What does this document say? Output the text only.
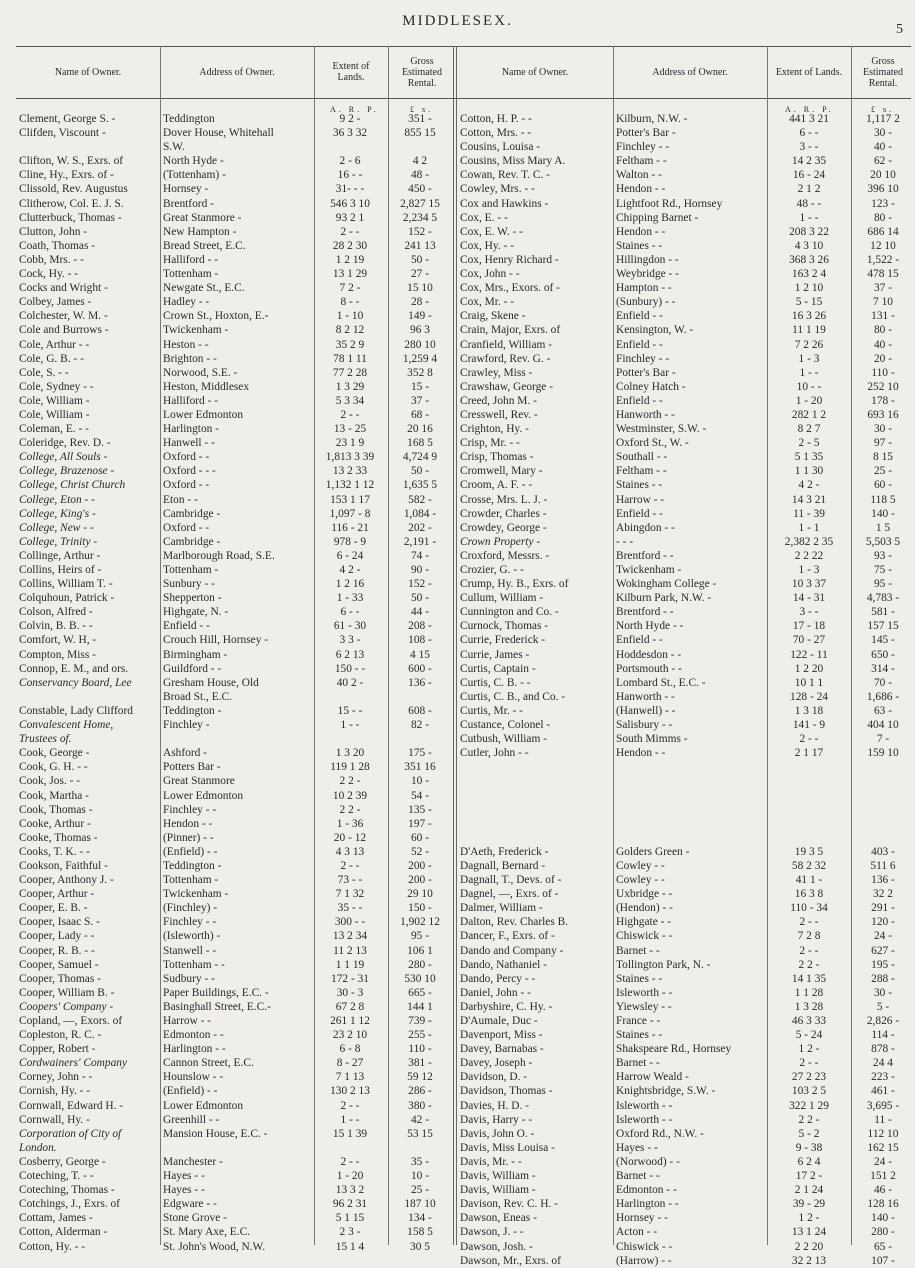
MIDDLESEX.
5
Name of Owner.	Address of Owner.	Extent of Lands.
Gross Estimated Rental.
A. R. P.	£ s.
Clement, George S. -	Teddington	9 2 -	351 -
Clifden, Viscount -	Dover House, Whitehall	36 3 32	855 15
S.W.
Clifton, W. S., Exrs. of	North Hyde -	2 - 6	4 2
Cline, Hy., Exrs. of -	(Tottenham) -	16 - -	48 -
Clissold, Rev. Augustus	Hornsey -	31- - -	450 -
Clitherow, Col. E. J. S.	Brentford -	546 3 10	2,827 15
Clutterbuck, Thomas -	Great Stanmore -	93 2 1	2,234 5
Clutton, John -	New Hampton -	2 - -	152 -
Coath, Thomas -	Bread Street, E.C.	28 2 30	241 13
Cobb, Mrs. - -	Halliford - -	1 2 19	50 -
Cock, Hy. - -	Tottenham -	13 1 29	27 -
Cocks and Wright -	Newgate St., E.C.	7 2 -	15 10
Colbey, James -	Hadley - -	8 - -	28 -
Colchester, W. M. -	Crown St., Hoxton, E.-	1 - 10	149 -
Cole and Burrows -	Twickenham -	8 2 12	96 3
Cole, Arthur - -	Heston - -	35 2 9	280 10
Cole, G. B. - -	Brighton - -	78 1 11	1,259 4
Cole, S. - -	Norwood, S.E. -	77 2 28	352 8
Cole, Sydney - -	Heston, Middlesex	1 3 29	15 -
Cole, William -	Halliford - -	5 3 34	37 -
Cole, William -	Lower Edmonton	2 - -	68 -
Coleman, E. - -	Harlington -	13 - 25	20 16
Coleridge, Rev. D. -	Hanwell - -	23 1 9	168 5
College, All Souls -	Oxford - -	1,813 3 39	4,724 9
College, Brazenose -	Oxford - - -	13 2 33	50 -
College, Christ Church	Oxford - -	1,132 1 12	1,635 5
College, Eton - -	Eton - -	153 1 17	582 -
College, King's -	Cambridge -	1,097 - 8	1,084 -
College, New - -	Oxford - -	116 - 21	202 -
College, Trinity -	Cambridge -	978 - 9	2,191 -
Collinge, Arthur -	Marlborough Road, S.E.	6 - 24	74 -
Collins, Heirs of -	Tottenham -	4 2 -	90 -
Collins, William T. -	Sunbury - -	1 2 16	152 -
Colquhoun, Patrick -	Shepperton -	1 - 33	50 -
Colson, Alfred -	Highgate, N. -	6 - -	44 -
Colvin, B. B. - -	Enfield - -	61 - 30	208 -
Comfort, W. H, -	Crouch Hill, Hornsey -	3 3 -	108 -
Compton, Miss -	Birmingham -	6 2 13	4 15
Connop, E. M., and ors.	Guildford - -	150 - -	600 -
Conservancy Board, Lee	Gresham House, Old	40 2 -	136 -
Broad St., E.C.
Constable, Lady Clifford	Teddington -	15 - -	608 -
Convalescent Home,	Finchley -	1 - -	82 -
Trustees of.
Cook, George -	Ashford -	1 3 20	175 -
Cook, G. H. - -	Potters Bar -	119 1 28	351 16
Cook, Jos. - -	Great Stanmore	2 2 -	10 -
Cook, Martha -	Lower Edmonton	10 2 39	54 -
Cook, Thomas -	Finchley - -	2 2 -	135 -
Cooke, Arthur -	Hendon - -	1 - 36	197 -
Cooke, Thomas -	(Pinner) - -	20 - 12	60 -
Cooks, T. K. - -	(Enfield) - -	4 3 13	52 -
Cookson, Faithful -	Teddington -	2 - -	200 -
Cooper, Anthony J. -	Tottenham -	73 - -	200 -
Cooper, Arthur -	Twickenham -	7 1 32	29 10
Cooper, E. B. -	(Finchley) -	35 - -	150 -
Cooper, Isaac S. -	Finchley - -	300 - -	1,902 12
Cooper, Lady - -	(Isleworth) -	13 2 34	95 -
Cooper, R. B. - -	Stanwell - -	11 2 13	106 1
Cooper, Samuel -	Tottenham - -	1 1 19	280 -
Cooper, Thomas -	Sudbury - -	172 - 31	530 10
Cooper, William B. -	Paper Buildings, E.C. -	30 - 3	665 -
Coopers' Company -	Basinghall Street, E.C.-	67 2 8	144 1
Copland, —, Exors. of	Harrow - -	261 1 12	739 -
Copleston, R. C. -	Edmonton - -	23 2 10	255 -
Copper, Robert -	Harlington - -	6 - 8	110 -
Cordwainers' Company	Cannon Street, E.C.	8 - 27	381 -
Corney, John - -	Hounslow - -	7 1 13	59 12
Cornish, Hy. - -	(Enfield) - -	130 2 13	286 -
Cornwall, Edward H. -	Lower Edmonton	2 - -	380 -
Cornwall, Hy. -	Greenhill - -	1 - -	42 -
Corporation of City of	Mansion House, E.C. -	15 1 39	53 15
London.
Cosberry, George -	Manchester -	2 - -	35 -
Coteching, T. - -	Hayes - -	1 - 20	10 -
Coteching, Thomas -	Hayes - -	13 3 2	25 -
Cotchings, J., Exrs. of	Edgware - -	96 2 31	187 10
Cottam, James -	Stone Grove -	5 1 15	134 -
Cotton, Alderman -	St. Mary Axe, E.C.	2 3 -	158 5
Cotton, Hy. - -	St. John's Wood, N.W.	15 1 4	30 5
Name of Owner.	Address of Owner.	Extent of Lands.
Gross Estimated Rental.
A. R. P.	£ s.
Cotton, H. P. - -	Kilburn, N.W. -	441 3 21	1,117 2
Cotton, Mrs. - -	Potter's Bar -	6 - -	30 -
Cousins, Louisa -	Finchley - -	3 - -	40 -
Cousins, Miss Mary A.	Feltham - -	14 2 35	62 -
Cowan, Rev. T. C. -	Walton - -	16 - 24	20 10
Cowley, Mrs. - -	Hendon - -	2 1 2	396 10
Cox and Hawkins -	Lightfoot Rd., Hornsey	48 - -	123 -
Cox, E. - -	Chipping Barnet -	1 - -	80 -
Cox, E. W. - -	Hendon - -	208 3 22	686 14
Cox, Hy. - -	Staines - -	4 3 10	12 10
Cox, Henry Richard -	Hillingdon - -	368 3 26	1,522 -
Cox, John - -	Weybridge - -	163 2 4	478 15
Cox, Mrs., Exors. of -	Hampton - -	1 2 10	37 -
Cox, Mr. - -	(Sunbury) - -	5 - 15	7 10
Craig, Skene -	Enfield - -	16 3 26	131 -
Crain, Major, Exrs. of	Kensington, W. -	11 1 19	80 -
Cranfield, William -	Enfield - -	7 2 26	40 -
Crawford, Rev. G. -	Finchley - -	1 - 3	20 -
Crawley, Miss -	Potter's Bar -	1 - -	110 -
Crawshaw, George -	Colney Hatch -	10 - -	252 10
Creed, John M. -	Enfield - -	1 - 20	178 -
Cresswell, Rev. -	Hanworth - -	282 1 2	693 16
Crighton, Hy. -	Westminster, S.W. -	8 2 7	30 -
Crisp, Mr. - -	Oxford St., W. -	2 - 5	97 -
Crisp, Thomas -	Southall - -	5 1 35	8 15
Cromwell, Mary -	Feltham - -	1 1 30	25 -
Croom, A. F. - -	Staines - -	4 2 -	60 -
Crosse, Mrs. L. J. -	Harrow - -	14 3 21	118 5
Crowder, Charles -	Enfield - -	11 - 39	140 -
Crowdey, George -	Abingdon - -	1 - 1	1 5
Crown Property -	- - -	2,382 2 35	5,503 5
Croxford, Messrs. -	Brentford - -	2 2 22	93 -
Crozier, G. - -	Twickenham -	1 - 3	75 -
Crump, Hy. B., Exrs. of	Wokingham College -	10 3 37	95 -
Cullum, William -	Kilburn Park, N.W. -	14 - 31	4,783 -
Cunnington and Co. -	Brentford - -	3 - -	581 -
Curnock, Thomas -	North Hyde - -	17 - 18	157 15
Currie, Frederick -	Enfield - -	70 - 27	145 -
Currie, James -	Hoddesdon - -	122 - 11	650 -
Curtis, Captain -	Portsmouth - -	1 2 20	314 -
Curtis, C. B. - -	Lombard St., E.C. -	10 1 1	70 -
Curtis, C. B., and Co. -	Hanworth - -	128 - 24	1,686 -
Curtis, Mr. - -	(Hanwell) - -	1 3 18	63 -
Custance, Colonel -	Salisbury - -	141 - 9	404 10
Cutbush, William -	South Mimms -	2 - -	7 -
Cutler, John - -	Hendon - -	2 1 17	159 10
D'Aeth, Frederick -	Golders Green -	19 3 5	403 -
Dagnall, Bernard -	Cowley - -	58 2 32	511 6
Dagnall, T., Devs. of -	Cowley - -	41 1 -	136 -
Dagnel, —, Exrs. of -	Uxbridge - -	16 3 8	32 2
Dalmer, William -	(Hendon) - -	110 - 34	291 -
Dalton, Rev. Charles B.	Highgate - -	2 - -	120 -
Dancer, F., Exrs. of -	Chiswick - -	7 2 8	24 -
Dando and Company -	Barnet - -	2 - -	627 -
Dando, Nathaniel -	Tollington Park, N. -	2 2 -	195 -
Dando, Percy - -	Staines - -	14 1 35	288 -
Daniel, John - -	Isleworth - -	1 1 28	30 -
Darbyshire, C. Hy. -	Yiewsley - -	1 3 28	5 -
D'Aumale, Duc -	France - -	46 3 33	2,826 -
Davenport, Miss -	Staines - -	5 - 24	114 -
Davey, Barnabas -	Shakspeare Rd., Hornsey	1 2 -	878 -
Davey, Joseph -	Barnet - -	2 - -	24 4
Davidson, D. -	Harrow Weald -	27 2 23	223 -
Davidson, Thomas -	Knightsbridge, S.W. -	103 2 5	461 -
Davies, H. D. -	Isleworth - -	322 1 29	3,695 -
Davis, Harry - -	Isleworth - -	2 2 -	11 -
Davis, John O. -	Oxford Rd., N.W. -	5 - 2	112 10
Davis, Miss Louisa -	Hayes - -	9 - 38	162 15
Davis, Mr. - -	(Norwood) - -	6 2 4	24 -
Davis, William -	Barnet - -	17 2 -	151 2
Davis, William -	Edmonton - -	2 1 24	46 -
Davison, Rev. C. H. -	Harlington - -	39 - 29	128 16
Dawson, Eneas -	Hornsey - -	1 2 -	140 -
Dawson, J. - -	Acton - -	13 1 24	280 -
Dawson, Josh. -	Chiswick - -	2 2 20	65 -
Dawson, Mr., Exrs. of	(Harrow) - -	32 2 13	107 -
